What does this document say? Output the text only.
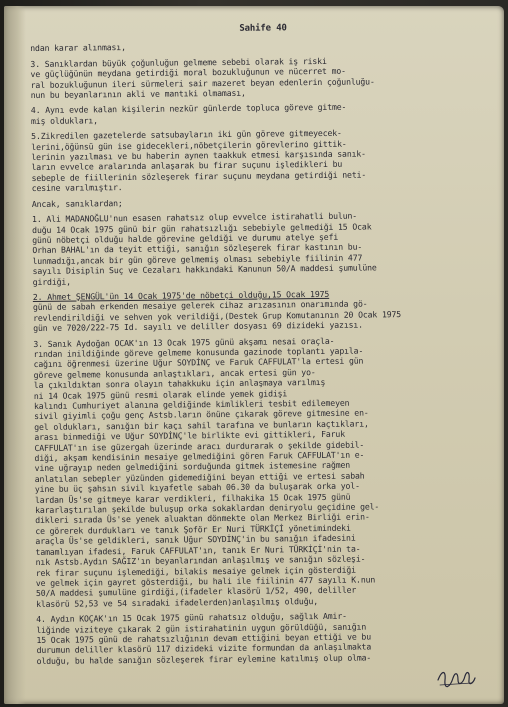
Sahife 40
ndan karar alınması,
3. Sanıklardan büyük çoğunluğun gelmeme sebebi olarak iş riski
ve güçlüğünün meydana getirdiği moral bozukluğunun ve nücerret mo-
ral bozukluğunun ileri sürmeleri sair mazeret beyan edenlerin çoğunluğu-
nun bu beyanlarının akli ve mantıki olmaması,
4. Aynı evde kalan kişilerin nezkür günlerde topluca göreve gitme-
miş oldukları,
5.Zikredilen gazetelerde satsubayların iki gün göreve gitmeyecek-
lerini,öğünsü gün ise gidecekleri,nöbetçilerin görevlerino gittik-
lerinin yazılması ve bu haberin aynen taakkuk etmesi karşısında sanık-
ların evvelce aralarında anlaşarak bu firar suçunu işledikleri bu
sebeple de fiillerinin sözleşerek firar suçunu meydana getirdiği neti-
cesine varılmıştır.
Ancak, sanıklardan;
1. Ali MADANOĞLU'nun esasen rahatsız olup evvelce istirahatli bulun-
duğu 14 Ocak 1975 günü bir gün rahatsızlığı sebebiyle gelmediği 15 Ocak
günü nöbetçi olduğu halde görevine geldiği ve durumu atelye şefi
Orhan BAHAL'ın da teyit ettiği, sanığın sözleşerek firar kastının bu-
lunmadığı,ancak bir gün göreve gelmemiş olması sebebiyle fiilinin 477
sayılı Disiplin Suç ve Cezaları hakkındaki Kanunun 50/A maddesi şumulüne
girdiği,
2. Ahmet ŞENGÜL'ün 14 Ocak 1975'de nöbetçi olduğu,15 Ocak 1975
günü de sabah erkenden mesaiye gelerek cihaz arızasının onarımında gö-
revlendirildiği ve sehven yok verildiği,(Destek Grup Komutanının 20 Ocak 1975
gün ve 7020/222-75 Id. sayılı ve deliller dosyası 69 dizideki yazısı.
3. Sanık Aydoğan OCAK'ın 13 Ocak 1975 günü akşamı nesai oraçla-
rından inildiğinde göreve gelmeme konusunda gazinode toplantı yapıla-
cağını öğrenmesi üzerine Uğur SOYDİNÇ ve Faruk CAFFULAT'la ertesi gün
göreve gelmeme konusunda anlaştıkları, ancak ertesi gün yo-
la çıkıldıktan sonra olayın tahakkuku için anlaşmaya varılmış
ni 14 Ocak 1975 günü resmi olarak elinde yemek gidişi
kalındı Cumhuriyet alanına geldiğinde kimlikleri tesbit edilemeyen
sivil giyimli çoğu genç Astsb.ların önüne çıkarak göreve gitmesine en-
gel oldukları, sanığın bir kaçı sahil tarafına ve bunların kaçtıkları,
arası binmediği ve Uğur SOYDİNÇ'le birlikte evi gittikleri, Faruk
CAFFULAT'ın ise güzergah üzerinde aracı durdurarak o şekilde gidebil-
diği, akşam kendisinin mesaiye gelmediğini gören Faruk CAFFULAT'ın e-
vine uğrayıp neden gelmediğini sorduğunda gitmek istemesine rağmen
anlatılan sebepler yüzünden gidemediğini beyan ettiği ve ertesi sabah
yine bu üç şahsın sivil kıyafetle sabah 06.30 da buluşarak orka yol-
lardan Üs'se gitmeye karar verdikleri, filhakika 15 Ocak 1975 günü
kararlaştırılan şekilde buluşup orka sokaklardan deniryolu geçidine gel-
dikleri sırada Üs'se yenek aluaktan dönmekte olan Merkez Birliği erin-
ce görerek durdukları ve tanık Şoför Er Nuri TÜRKİÇİ yönetimindeki
araçla Üs'se geldikleri, sanık Uğur SOYDİNÇ'in bu sanığın ifadesini
tamamlıyan ifadesi, Faruk CAFFULAT'ın, tanık Er Nuri TÜRKİÇİ'nin ta-
nık Astsb.Aydın SAĞIZ'ın beyanlarından anlaşılmış ve sanığın sözleşi-
rek firar suçunu işlemediği, bilakis mesaiye gelmek için gösterdiği
ve gelmek için gayret gösterdiği, bu hali ile fiilinin 477 sayılı K.nun
50/A maddesi şumulüne girdiği,(ifadeler klasörü 1/52, 490, deliller
klasörü 52,53 ve 54 sıradaki ifadelerden)anlaşılmış olduğu,
4. Aydın KOÇAK'ın 15 Ocak 1975 günü rahatsız olduğu, sağlık Amir-
liğinde viziteye çıkarak 2 gün istirahatinin uygun görüldüğü, sanığın
15 Ocak 1975 günü de rahatsızlığının devam ettiğini beyan ettiği ve bu
durumun deliller klasörü 117 dizideki vizite formundan da anlaşılmakta
olduğu, bu halde sanığın sözleşerek firar eylemine katılmış olup olma-
